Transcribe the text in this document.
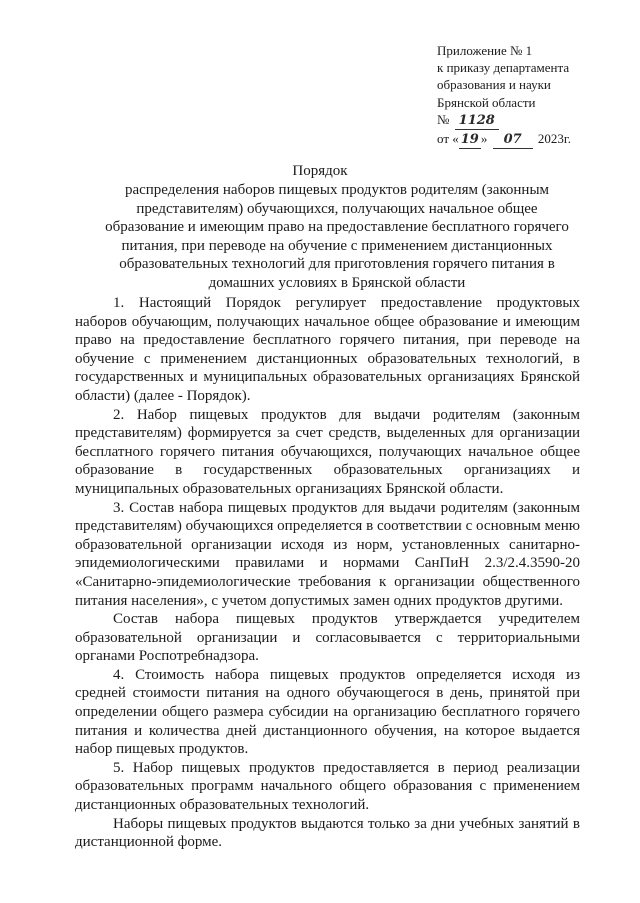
Приложение № 1
к приказу департамента
образования и науки
Брянской области
№ 1128
от « 19 » 07 2023г.
Порядок
распределения наборов пищевых продуктов родителям (законным представителям) обучающихся, получающих начальное общее образование и имеющим право на предоставление бесплатного горячего питания, при переводе на обучение с применением дистанционных образовательных технологий для приготовления горячего питания в домашних условиях в Брянской области

1. Настоящий Порядок регулирует предоставление продуктовых наборов обучающим, получающих начальное общее образование и имеющим право на предоставление бесплатного горячего питания, при переводе на обучение с применением дистанционных образовательных технологий, в государственных и муниципальных образовательных организациях Брянской области) (далее - Порядок).

2. Набор пищевых продуктов для выдачи родителям (законным представителям) формируется за счет средств, выделенных для организации бесплатного горячего питания обучающихся, получающих начальное общее образование в государственных образовательных организациях и муниципальных образовательных организациях Брянской области.

3. Состав набора пищевых продуктов для выдачи родителям (законным представителям) обучающихся определяется в соответствии с основным меню образовательной организации исходя из норм, установленных санитарно-эпидемиологическими правилами и нормами СанПиН 2.3/2.4.3590-20 «Санитарно-эпидемиологические требования к организации общественного питания населения», с учетом допустимых замен одних продуктов другими.

Состав набора пищевых продуктов утверждается учредителем образовательной организации и согласовывается с территориальными органами Роспотребнадзора.

4. Стоимость набора пищевых продуктов определяется исходя из средней стоимости питания на одного обучающегося в день, принятой при определении общего размера субсидии на организацию бесплатного горячего питания и количества дней дистанционного обучения, на которое выдается набор пищевых продуктов.

5. Набор пищевых продуктов предоставляется в период реализации образовательных программ начального общего образования с применением дистанционных образовательных технологий.

Наборы пищевых продуктов выдаются только за дни учебных занятий в дистанционной форме.
